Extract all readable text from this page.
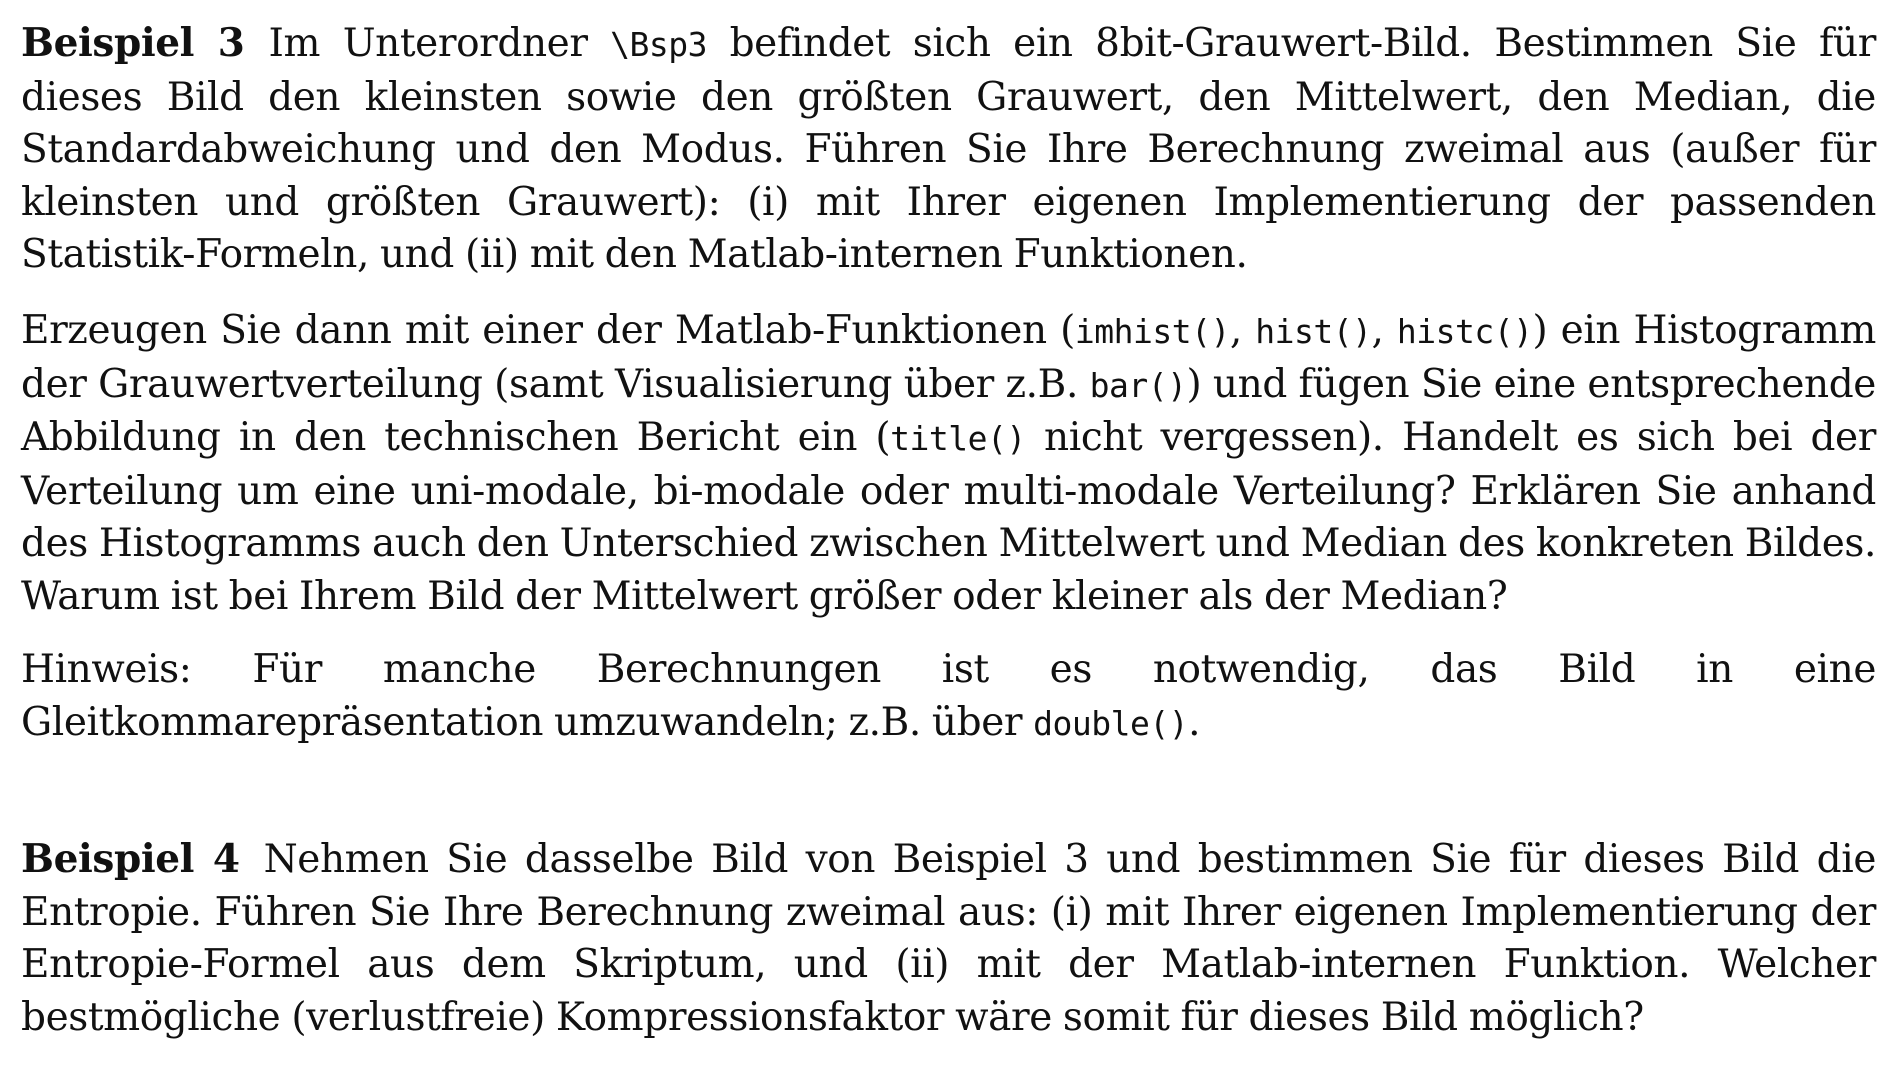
Beispiel 3 Im Unterordner \Bsp3 befindet sich ein 8bit-Grauwert-Bild. Bestimmen Sie für dieses Bild den kleinsten sowie den größten Grauwert, den Mittelwert, den Median, die Standardabweichung und den Modus. Führen Sie Ihre Berechnung zweimal aus (außer für kleinsten und größten Grauwert): (i) mit Ihrer eigenen Implementierung der passenden Statistik-Formeln, und (ii) mit den Matlab-internen Funktionen.

Erzeugen Sie dann mit einer der Matlab-Funktionen (imhist(), hist(), histc()) ein Histogramm der Grauwertverteilung (samt Visualisierung über z.B. bar()) und fügen Sie eine entsprechende Abbildung in den technischen Bericht ein (title() nicht vergessen). Handelt es sich bei der Verteilung um eine uni-modale, bi-modale oder multi-modale Verteilung? Erklären Sie anhand des Histogramms auch den Unterschied zwischen Mittelwert und Median des konkreten Bildes. Warum ist bei Ihrem Bild der Mittelwert größer oder kleiner als der Median?

Hinweis: Für manche Berechnungen ist es notwendig, das Bild in eine Gleitkommarepräsentation umzuwandeln; z.B. über double().

Beispiel 4 Nehmen Sie dasselbe Bild von Beispiel 3 und bestimmen Sie für dieses Bild die Entropie. Führen Sie Ihre Berechnung zweimal aus: (i) mit Ihrer eigenen Implementierung der Entropie-Formel aus dem Skriptum, und (ii) mit der Matlab-internen Funktion. Welcher bestmögliche (verlustfreie) Kompressionsfaktor wäre somit für dieses Bild möglich?
